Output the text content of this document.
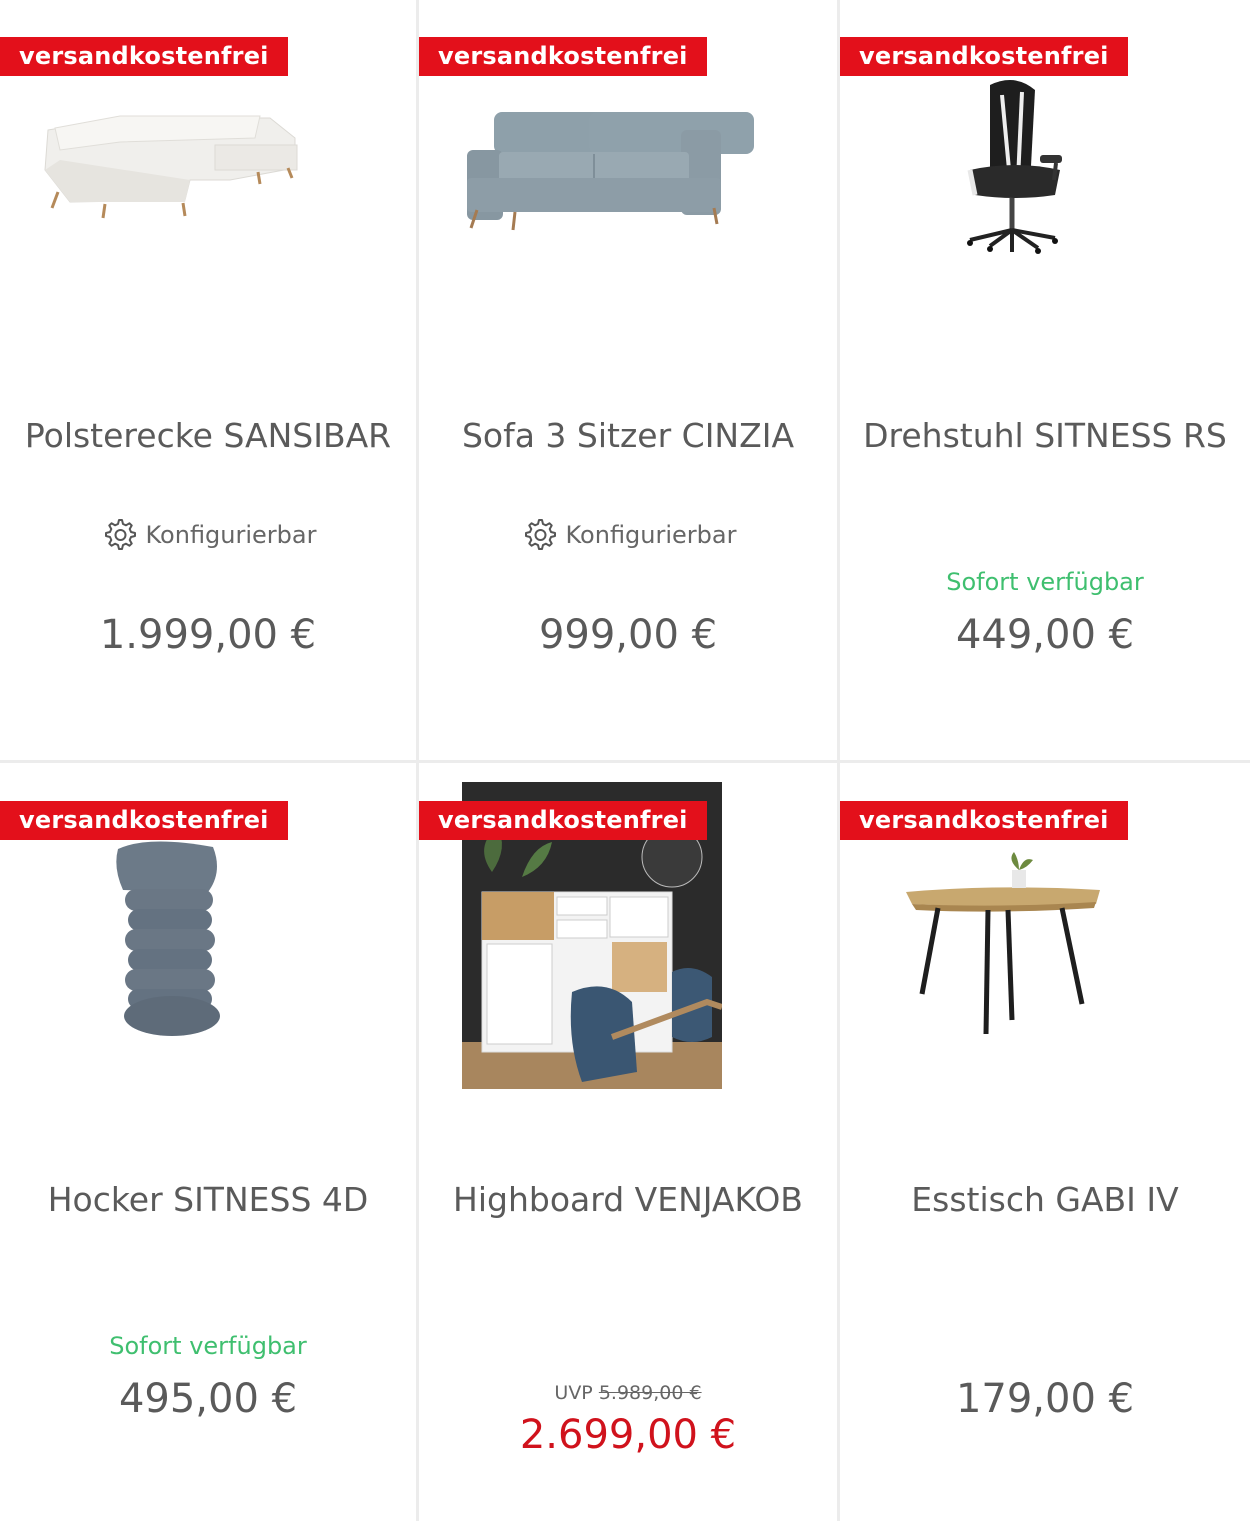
versandkostenfrei
Polsterecke SANSIBAR
Konfigurierbar
1.999,00 €
versandkostenfrei
Sofa 3 Sitzer CINZIA
Konfigurierbar
999,00 €
versandkostenfrei
Drehstuhl SITNESS RS
Sofort verfügbar
449,00 €
versandkostenfrei
Hocker SITNESS 4D
Sofort verfügbar
495,00 €
versandkostenfrei
Highboard VENJAKOB
UVP 5.989,00 €
2.699,00 €
versandkostenfrei
Esstisch GABI IV
179,00 €
